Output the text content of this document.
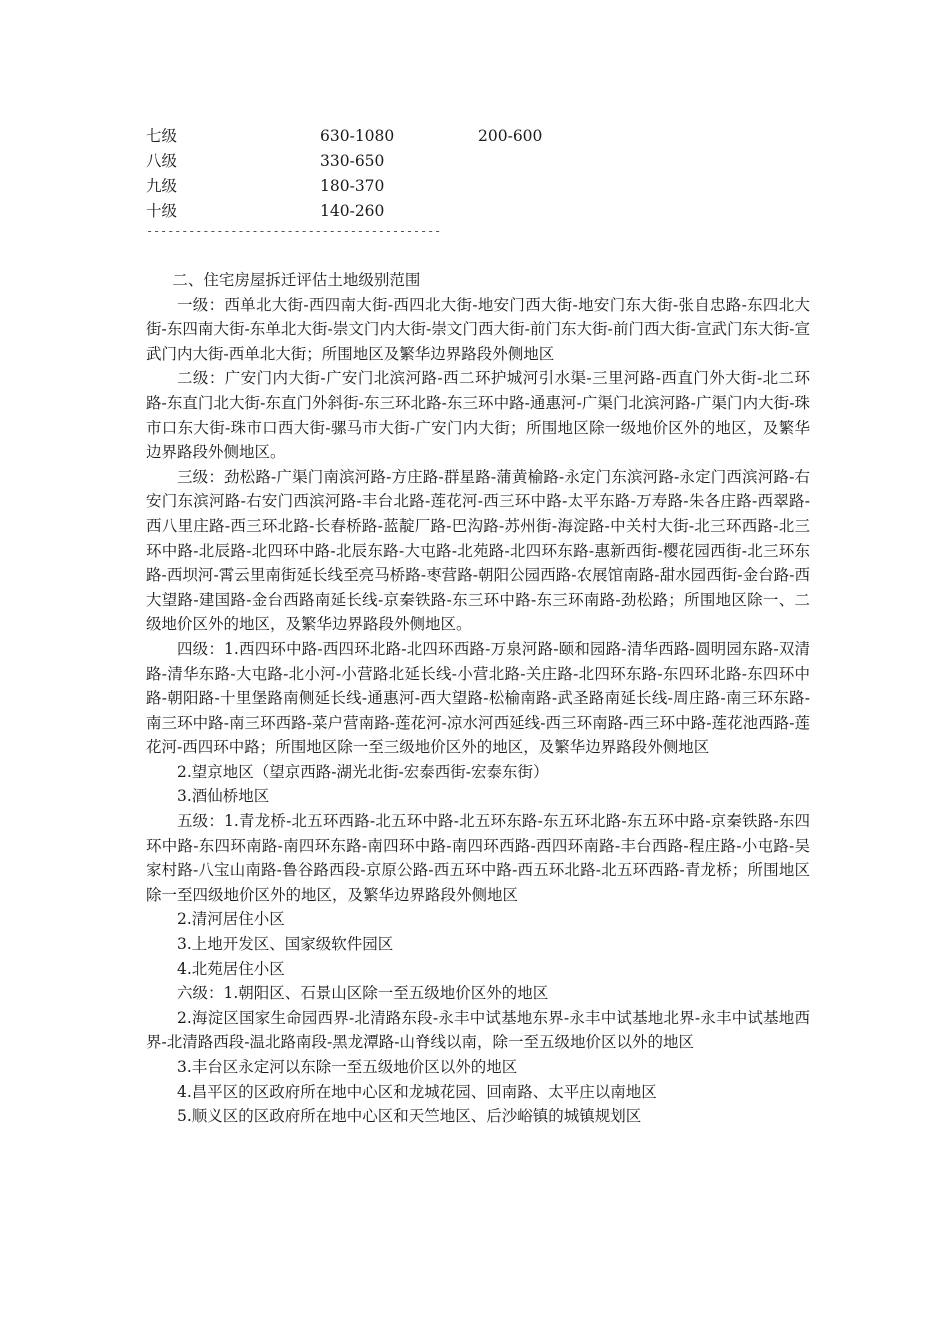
七级	630-1080	200-600
八级	330-650
九级	180-370
十级	140-260
------------------------------------------

二、住宅房屋拆迁评估土地级别范围

一级：西单北大街-西四南大街-西四北大街-地安门西大街-地安门东大街-张自忠路-东四北大街-东四南大街-东单北大街-崇文门内大街-崇文门西大街-前门东大街-前门西大街-宣武门东大街-宣武门内大街-西单北大街；所围地区及繁华边界路段外侧地区

二级：广安门内大街-广安门北滨河路-西二环护城河引水渠-三里河路-西直门外大街-北二环路-东直门北大街-东直门外斜街-东三环北路-东三环中路-通惠河-广渠门北滨河路-广渠门内大街-珠市口东大街-珠市口西大街-骡马市大街-广安门内大街；所围地区除一级地价区外的地区，及繁华边界路段外侧地区。

三级：劲松路-广渠门南滨河路-方庄路-群星路-蒲黄榆路-永定门东滨河路-永定门西滨河路-右安门东滨河路-右安门西滨河路-丰台北路-莲花河-西三环中路-太平东路-万寿路-朱各庄路-西翠路-西八里庄路-西三环北路-长春桥路-蓝靛厂路-巴沟路-苏州街-海淀路-中关村大街-北三环西路-北三环中路-北辰路-北四环中路-北辰东路-大屯路-北苑路-北四环东路-惠新西街-樱花园西街-北三环东路-西坝河-霄云里南街延长线至亮马桥路-枣营路-朝阳公园西路-农展馆南路-甜水园西街-金台路-西大望路-建国路-金台西路南延长线-京秦铁路-东三环中路-东三环南路-劲松路；所围地区除一、二级地价区外的地区，及繁华边界路段外侧地区。

四级：1.西四环中路-西四环北路-北四环西路-万泉河路-颐和园路-清华西路-圆明园东路-双清路-清华东路-大屯路-北小河-小营路北延长线-小营北路-关庄路-北四环东路-东四环北路-东四环中路-朝阳路-十里堡路南侧延长线-通惠河-西大望路-松榆南路-武圣路南延长线-周庄路-南三环东路-南三环中路-南三环西路-菜户营南路-莲花河-凉水河西延线-西三环南路-西三环中路-莲花池西路-莲花河-西四环中路；所围地区除一至三级地价区外的地区，及繁华边界路段外侧地区

2.望京地区（望京西路-湖光北街-宏泰西街-宏泰东街）

3.酒仙桥地区

五级：1.青龙桥-北五环西路-北五环中路-北五环东路-东五环北路-东五环中路-京秦铁路-东四环中路-东四环南路-南四环东路-南四环中路-南四环西路-西四环南路-丰台西路-程庄路-小屯路-吴家村路-八宝山南路-鲁谷路西段-京原公路-西五环中路-西五环北路-北五环西路-青龙桥；所围地区除一至四级地价区外的地区，及繁华边界路段外侧地区

2.清河居住小区

3.上地开发区、国家级软件园区

4.北苑居住小区

六级：1.朝阳区、石景山区除一至五级地价区外的地区

2.海淀区国家生命园西界-北清路东段-永丰中试基地东界-永丰中试基地北界-永丰中试基地西界-北清路西段-温北路南段-黑龙潭路-山脊线以南，除一至五级地价区以外的地区

3.丰台区永定河以东除一至五级地价区以外的地区

4.昌平区的区政府所在地中心区和龙城花园、回南路、太平庄以南地区

5.顺义区的区政府所在地中心区和天竺地区、后沙峪镇的城镇规划区
